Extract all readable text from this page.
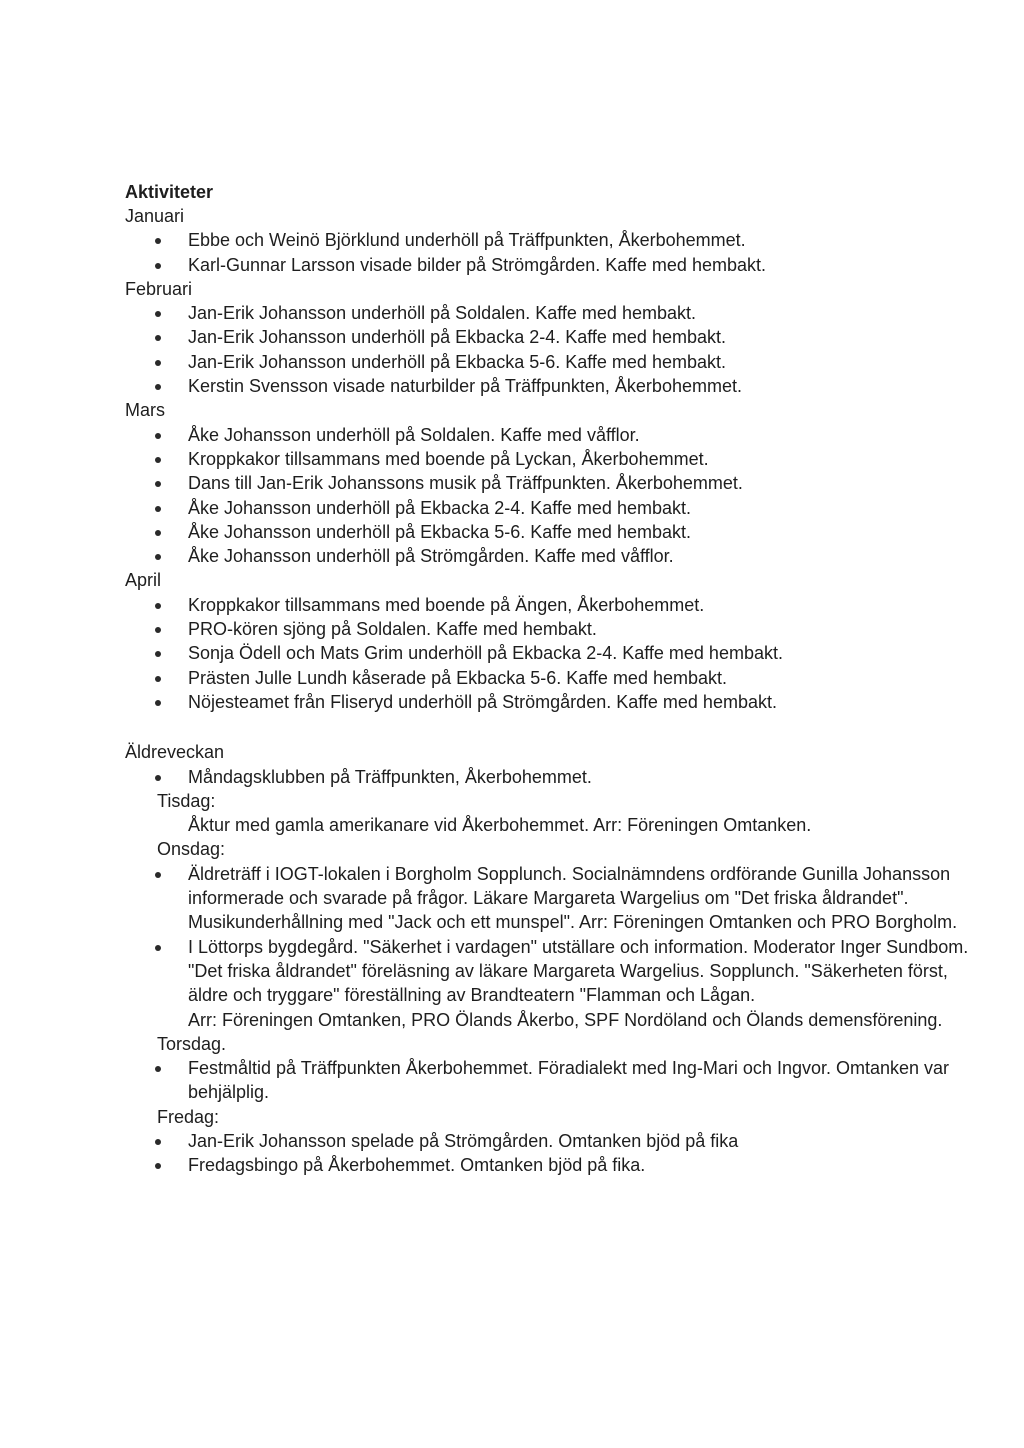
Aktiviteter

Januari

Ebbe och Weinö Björklund underhöll på Träffpunkten, Åkerbohemmet.
Karl-Gunnar Larsson visade bilder på Strömgården. Kaffe med hembakt.

Februari

Jan-Erik Johansson underhöll på Soldalen. Kaffe med hembakt.
Jan-Erik Johansson underhöll på Ekbacka 2-4. Kaffe med hembakt.
Jan-Erik Johansson underhöll på Ekbacka 5-6. Kaffe med hembakt.
Kerstin Svensson visade naturbilder på Träffpunkten, Åkerbohemmet.

Mars

Åke Johansson underhöll på Soldalen. Kaffe med våfflor.
Kroppkakor tillsammans med boende på Lyckan, Åkerbohemmet.
Dans till Jan-Erik Johanssons musik på Träffpunkten. Åkerbohemmet.
Åke Johansson underhöll på Ekbacka 2-4. Kaffe med hembakt.
Åke Johansson underhöll på Ekbacka 5-6. Kaffe med hembakt.
Åke Johansson underhöll på Strömgården. Kaffe med våfflor.

April

Kroppkakor tillsammans med boende på Ängen, Åkerbohemmet.
PRO-kören sjöng på Soldalen. Kaffe med hembakt.
Sonja Ödell och Mats Grim underhöll på Ekbacka 2-4. Kaffe med hembakt.
Prästen Julle Lundh kåserade på Ekbacka 5-6. Kaffe med hembakt.
Nöjesteamet från Fliseryd underhöll på Strömgården. Kaffe med hembakt.

Äldreveckan

Måndagsklubben på Träffpunkten, Åkerbohemmet.

Tisdag:

Åktur med gamla amerikanare vid Åkerbohemmet. Arr: Föreningen Omtanken.

Onsdag:

Äldreträff i IOGT-lokalen i Borgholm Sopplunch. Socialnämndens ordförande Gunilla Johansson informerade och svarade på frågor. Läkare Margareta Wargelius om "Det friska åldrandet". Musikunderhållning med "Jack och ett munspel". Arr: Föreningen Omtanken och PRO Borgholm.
I Löttorps bygdegård. "Säkerhet i vardagen" utställare och information. Moderator Inger Sundbom. "Det friska åldrandet" föreläsning av läkare Margareta Wargelius. Sopplunch. "Säkerheten först, äldre och tryggare" föreställning av Brandteatern "Flamman och Lågan.
Arr: Föreningen Omtanken, PRO Ölands Åkerbo, SPF Nordöland och Ölands demensförening.

Torsdag.

Festmåltid på Träffpunkten Åkerbohemmet. Föradialekt med Ing-Mari och Ingvor. Omtanken var behjälplig.

Fredag:

Jan-Erik Johansson spelade på Strömgården. Omtanken bjöd på fika
Fredagsbingo på Åkerbohemmet. Omtanken bjöd på fika.
